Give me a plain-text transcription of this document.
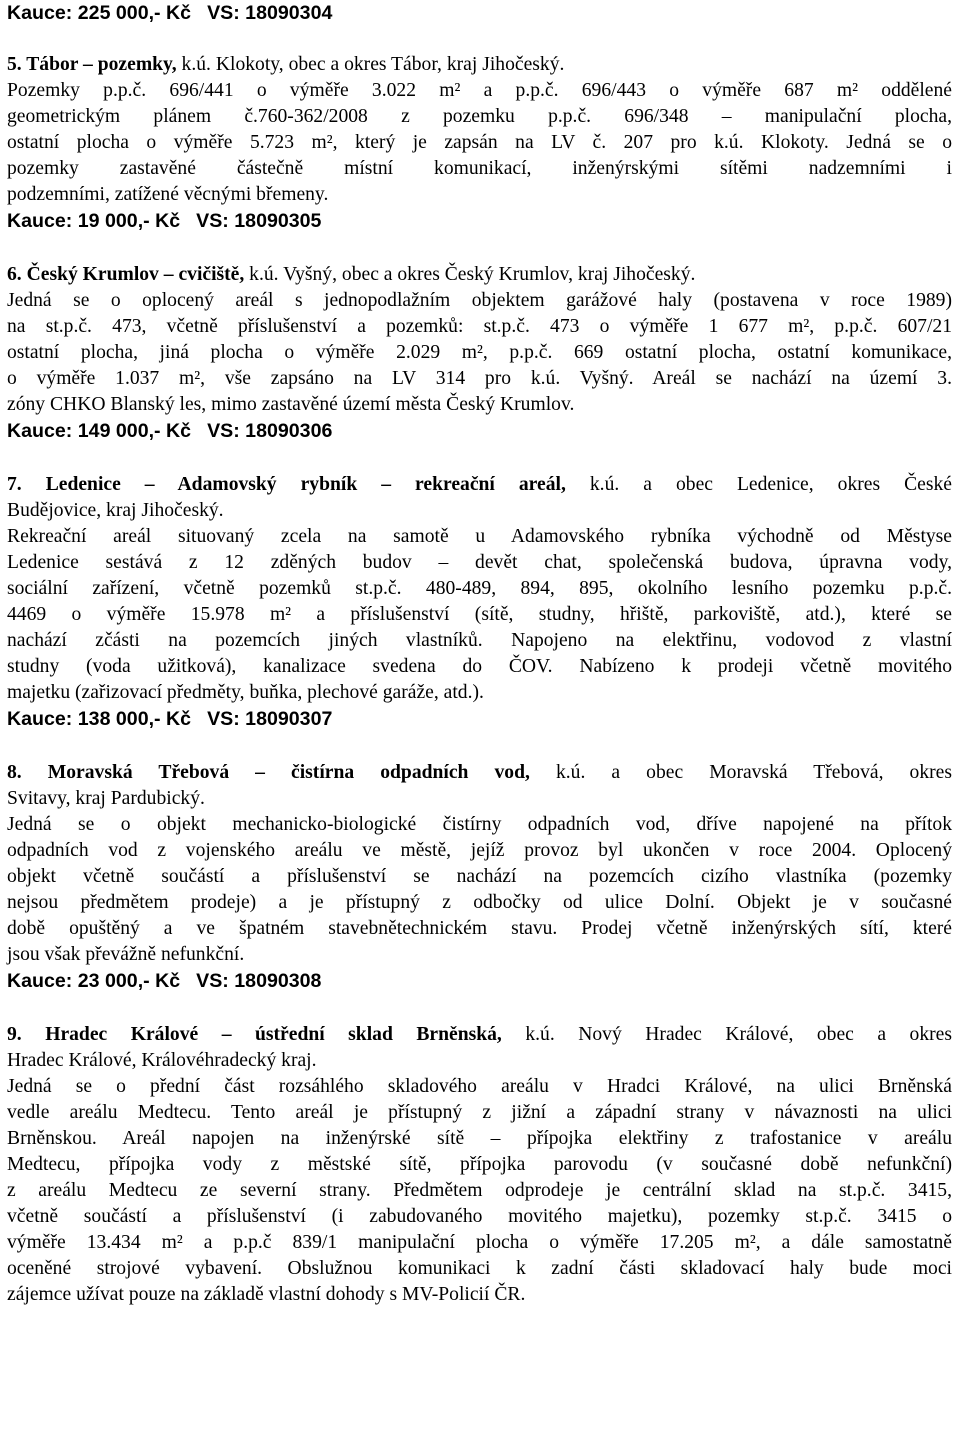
Kauce: 225 000,- Kč VS: 18090304
5. Tábor – pozemky, k.ú. Klokoty, obec a okres Tábor, kraj Jihočeský.
Pozemky p.p.č. 696/441 o výměře 3.022 m² a p.p.č. 696/443 o výměře 687 m² oddělené
geometrickým plánem č.760-362/2008 z pozemku p.p.č. 696/348 – manipulační plocha,
ostatní plocha o výměře 5.723 m², který je zapsán na LV č. 207 pro k.ú. Klokoty. Jedná se o
pozemky zastavěné částečně místní komunikací, inženýrskými sítěmi nadzemními i
podzemními, zatížené věcnými břemeny.
Kauce: 19 000,- Kč VS: 18090305
6. Český Krumlov – cvičiště, k.ú. Vyšný, obec a okres Český Krumlov, kraj Jihočeský.
Jedná se o oplocený areál s jednopodlažním objektem garážové haly (postavena v roce 1989)
na st.p.č. 473, včetně příslušenství a pozemků: st.p.č. 473 o výměře 1 677 m², p.p.č. 607/21
ostatní plocha, jiná plocha o výměře 2.029 m², p.p.č. 669 ostatní plocha, ostatní komunikace,
o výměře 1.037 m², vše zapsáno na LV 314 pro k.ú. Vyšný. Areál se nachází na území 3.
zóny CHKO Blanský les, mimo zastavěné území města Český Krumlov.
Kauce: 149 000,- Kč VS: 18090306
7. Ledenice – Adamovský rybník – rekreační areál, k.ú. a obec Ledenice, okres České
Budějovice, kraj Jihočeský.
Rekreační areál situovaný zcela na samotě u Adamovského rybníka východně od Městyse
Ledenice sestává z 12 zděných budov – devět chat, společenská budova, úpravna vody,
sociální zařízení, včetně pozemků st.p.č. 480-489, 894, 895, okolního lesního pozemku p.p.č.
4469 o výměře 15.978 m² a příslušenství (sítě, studny, hřiště, parkoviště, atd.), které se
nachází zčásti na pozemcích jiných vlastníků. Napojeno na elektřinu, vodovod z vlastní
studny (voda užitková), kanalizace svedena do ČOV. Nabízeno k prodeji včetně movitého
majetku (zařizovací předměty, buňka, plechové garáže, atd.).
Kauce: 138 000,- Kč VS: 18090307
8. Moravská Třebová – čistírna odpadních vod, k.ú. a obec Moravská Třebová, okres
Svitavy, kraj Pardubický.
Jedná se o objekt mechanicko-biologické čistírny odpadních vod, dříve napojené na přítok
odpadních vod z vojenského areálu ve městě, jejíž provoz byl ukončen v roce 2004. Oplocený
objekt včetně součástí a příslušenství se nachází na pozemcích cizího vlastníka (pozemky
nejsou předmětem prodeje) a je přístupný z odbočky od ulice Dolní. Objekt je v současné
době opuštěný a ve špatném stavebnětechnickém stavu. Prodej včetně inženýrských sítí, které
jsou však převážně nefunkční.
Kauce: 23 000,- Kč VS: 18090308
9. Hradec Králové – ústřední sklad Brněnská, k.ú. Nový Hradec Králové, obec a okres
Hradec Králové, Královéhradecký kraj.
Jedná se o přední část rozsáhlého skladového areálu v Hradci Králové, na ulici Brněnská
vedle areálu Medtecu. Tento areál je přístupný z jižní a západní strany v návaznosti na ulici
Brněnskou. Areál napojen na inženýrské sítě – přípojka elektřiny z trafostanice v areálu
Medtecu, přípojka vody z městské sítě, přípojka parovodu (v současné době nefunkční)
z areálu Medtecu ze severní strany. Předmětem odprodeje je centrální sklad na st.p.č. 3415,
včetně součástí a příslušenství (i zabudovaného movitého majetku), pozemky st.p.č. 3415 o
výměře 13.434 m² a p.p.č 839/1 manipulační plocha o výměře 17.205 m², a dále samostatně
oceněné strojové vybavení. Obslužnou komunikaci k zadní části skladovací haly bude moci
zájemce užívat pouze na základě vlastní dohody s MV-Policií ČR.
